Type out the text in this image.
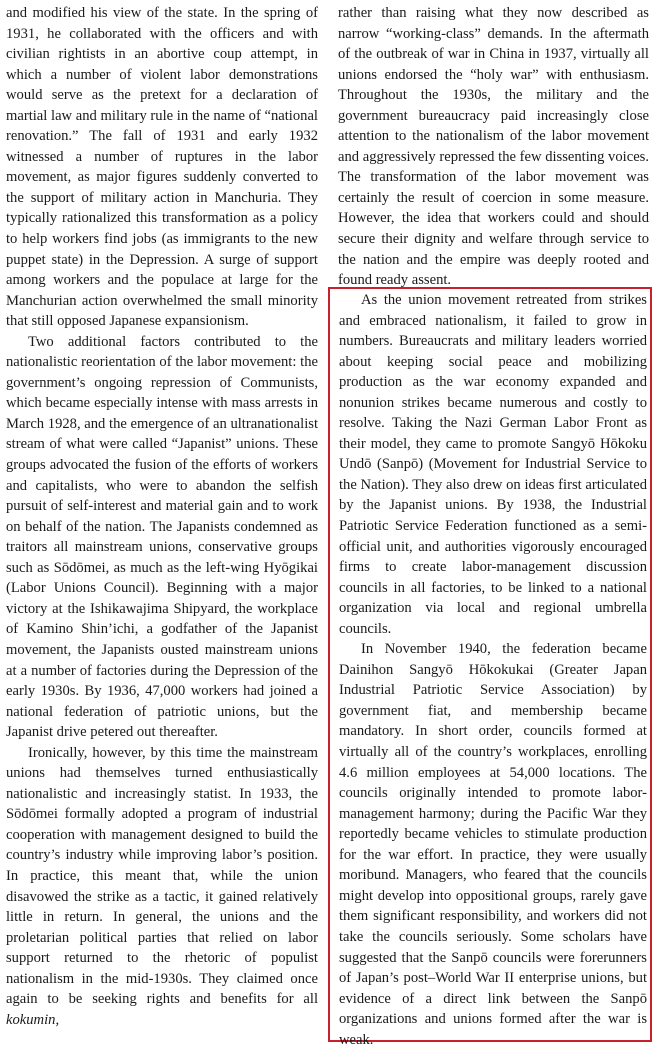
and modified his view of the state. In the spring of 1931, he collaborated with the officers and with civilian rightists in an abortive coup attempt, in which a number of violent labor demonstrations would serve as the pretext for a declaration of martial law and military rule in the name of “national renovation.” The fall of 1931 and early 1932 witnessed a number of ruptures in the labor movement, as major figures suddenly converted to the support of military action in Manchuria. They typically rationalized this transformation as a policy to help workers find jobs (as immigrants to the new puppet state) in the Depression. A surge of support among workers and the populace at large for the Manchurian action overwhelmed the small minority that still opposed Japanese expansionism.

Two additional factors contributed to the nationalistic reorientation of the labor movement: the government’s ongoing repression of Communists, which became especially intense with mass arrests in March 1928, and the emergence of an ultranationalist stream of what were called “Japanist” unions. These groups advocated the fusion of the efforts of workers and capitalists, who were to abandon the selfish pursuit of self-interest and material gain and to work on behalf of the nation. The Japanists condemned as traitors all mainstream unions, conservative groups such as Sōdōmei, as much as the left-wing Hyōgikai (Labor Unions Council). Beginning with a major victory at the Ishikawajima Shipyard, the workplace of Kamino Shin’ichi, a godfather of the Japanist movement, the Japanists ousted mainstream unions at a number of factories during the Depression of the early 1930s. By 1936, 47,000 workers had joined a national federation of patriotic unions, but the Japanist drive petered out thereafter.

Ironically, however, by this time the mainstream unions had themselves turned enthusiastically nationalistic and increasingly statist. In 1933, the Sōdōmei formally adopted a program of industrial cooperation with management designed to build the country’s industry while improving labor’s position. In practice, this meant that, while the union disavowed the strike as a tactic, it gained relatively little in return. In general, the unions and the proletarian political parties that relied on labor support returned to the rhetoric of populist nationalism in the mid-1930s. They claimed once again to be seeking rights and benefits for all kokumin,

rather than raising what they now described as narrow “working-class” demands. In the aftermath of the outbreak of war in China in 1937, virtually all unions endorsed the “holy war” with enthusiasm. Throughout the 1930s, the military and the government bureaucracy paid increasingly close attention to the nationalism of the labor movement and aggressively repressed the few dissenting voices. The transformation of the labor movement was certainly the result of coercion in some measure. However, the idea that workers could and should secure their dignity and welfare through service to the nation and the empire was deeply rooted and found ready assent.

As the union movement retreated from strikes and embraced nationalism, it failed to grow in numbers. Bureaucrats and military leaders worried about keeping social peace and mobilizing production as the war economy expanded and nonunion strikes became numerous and costly to resolve. Taking the Nazi German Labor Front as their model, they came to promote Sangyō Hōkoku Undō (Sanpō) (Movement for Industrial Service to the Nation). They also drew on ideas first articulated by the Japanist unions. By 1938, the Industrial Patriotic Service Federation functioned as a semi-official unit, and authorities vigorously encouraged firms to create labor-management discussion councils in all factories, to be linked to a national organization via local and regional umbrella councils.

In November 1940, the federation became Dainihon Sangyō Hōkokukai (Greater Japan Industrial Patriotic Service Association) by government fiat, and membership became mandatory. In short order, councils formed at virtually all of the country’s workplaces, enrolling 4.6 million employees at 54,000 locations. The councils originally intended to promote labor-management harmony; during the Pacific War they reportedly became vehicles to stimulate production for the war effort. In practice, they were usually moribund. Managers, who feared that the councils might develop into oppositional groups, rarely gave them significant responsibility, and workers did not take the councils seriously. Some scholars have suggested that the Sanpō councils were forerunners of Japan’s post–World War II enterprise unions, but evidence of a direct link between the Sanpō organizations and unions formed after the war is weak.
